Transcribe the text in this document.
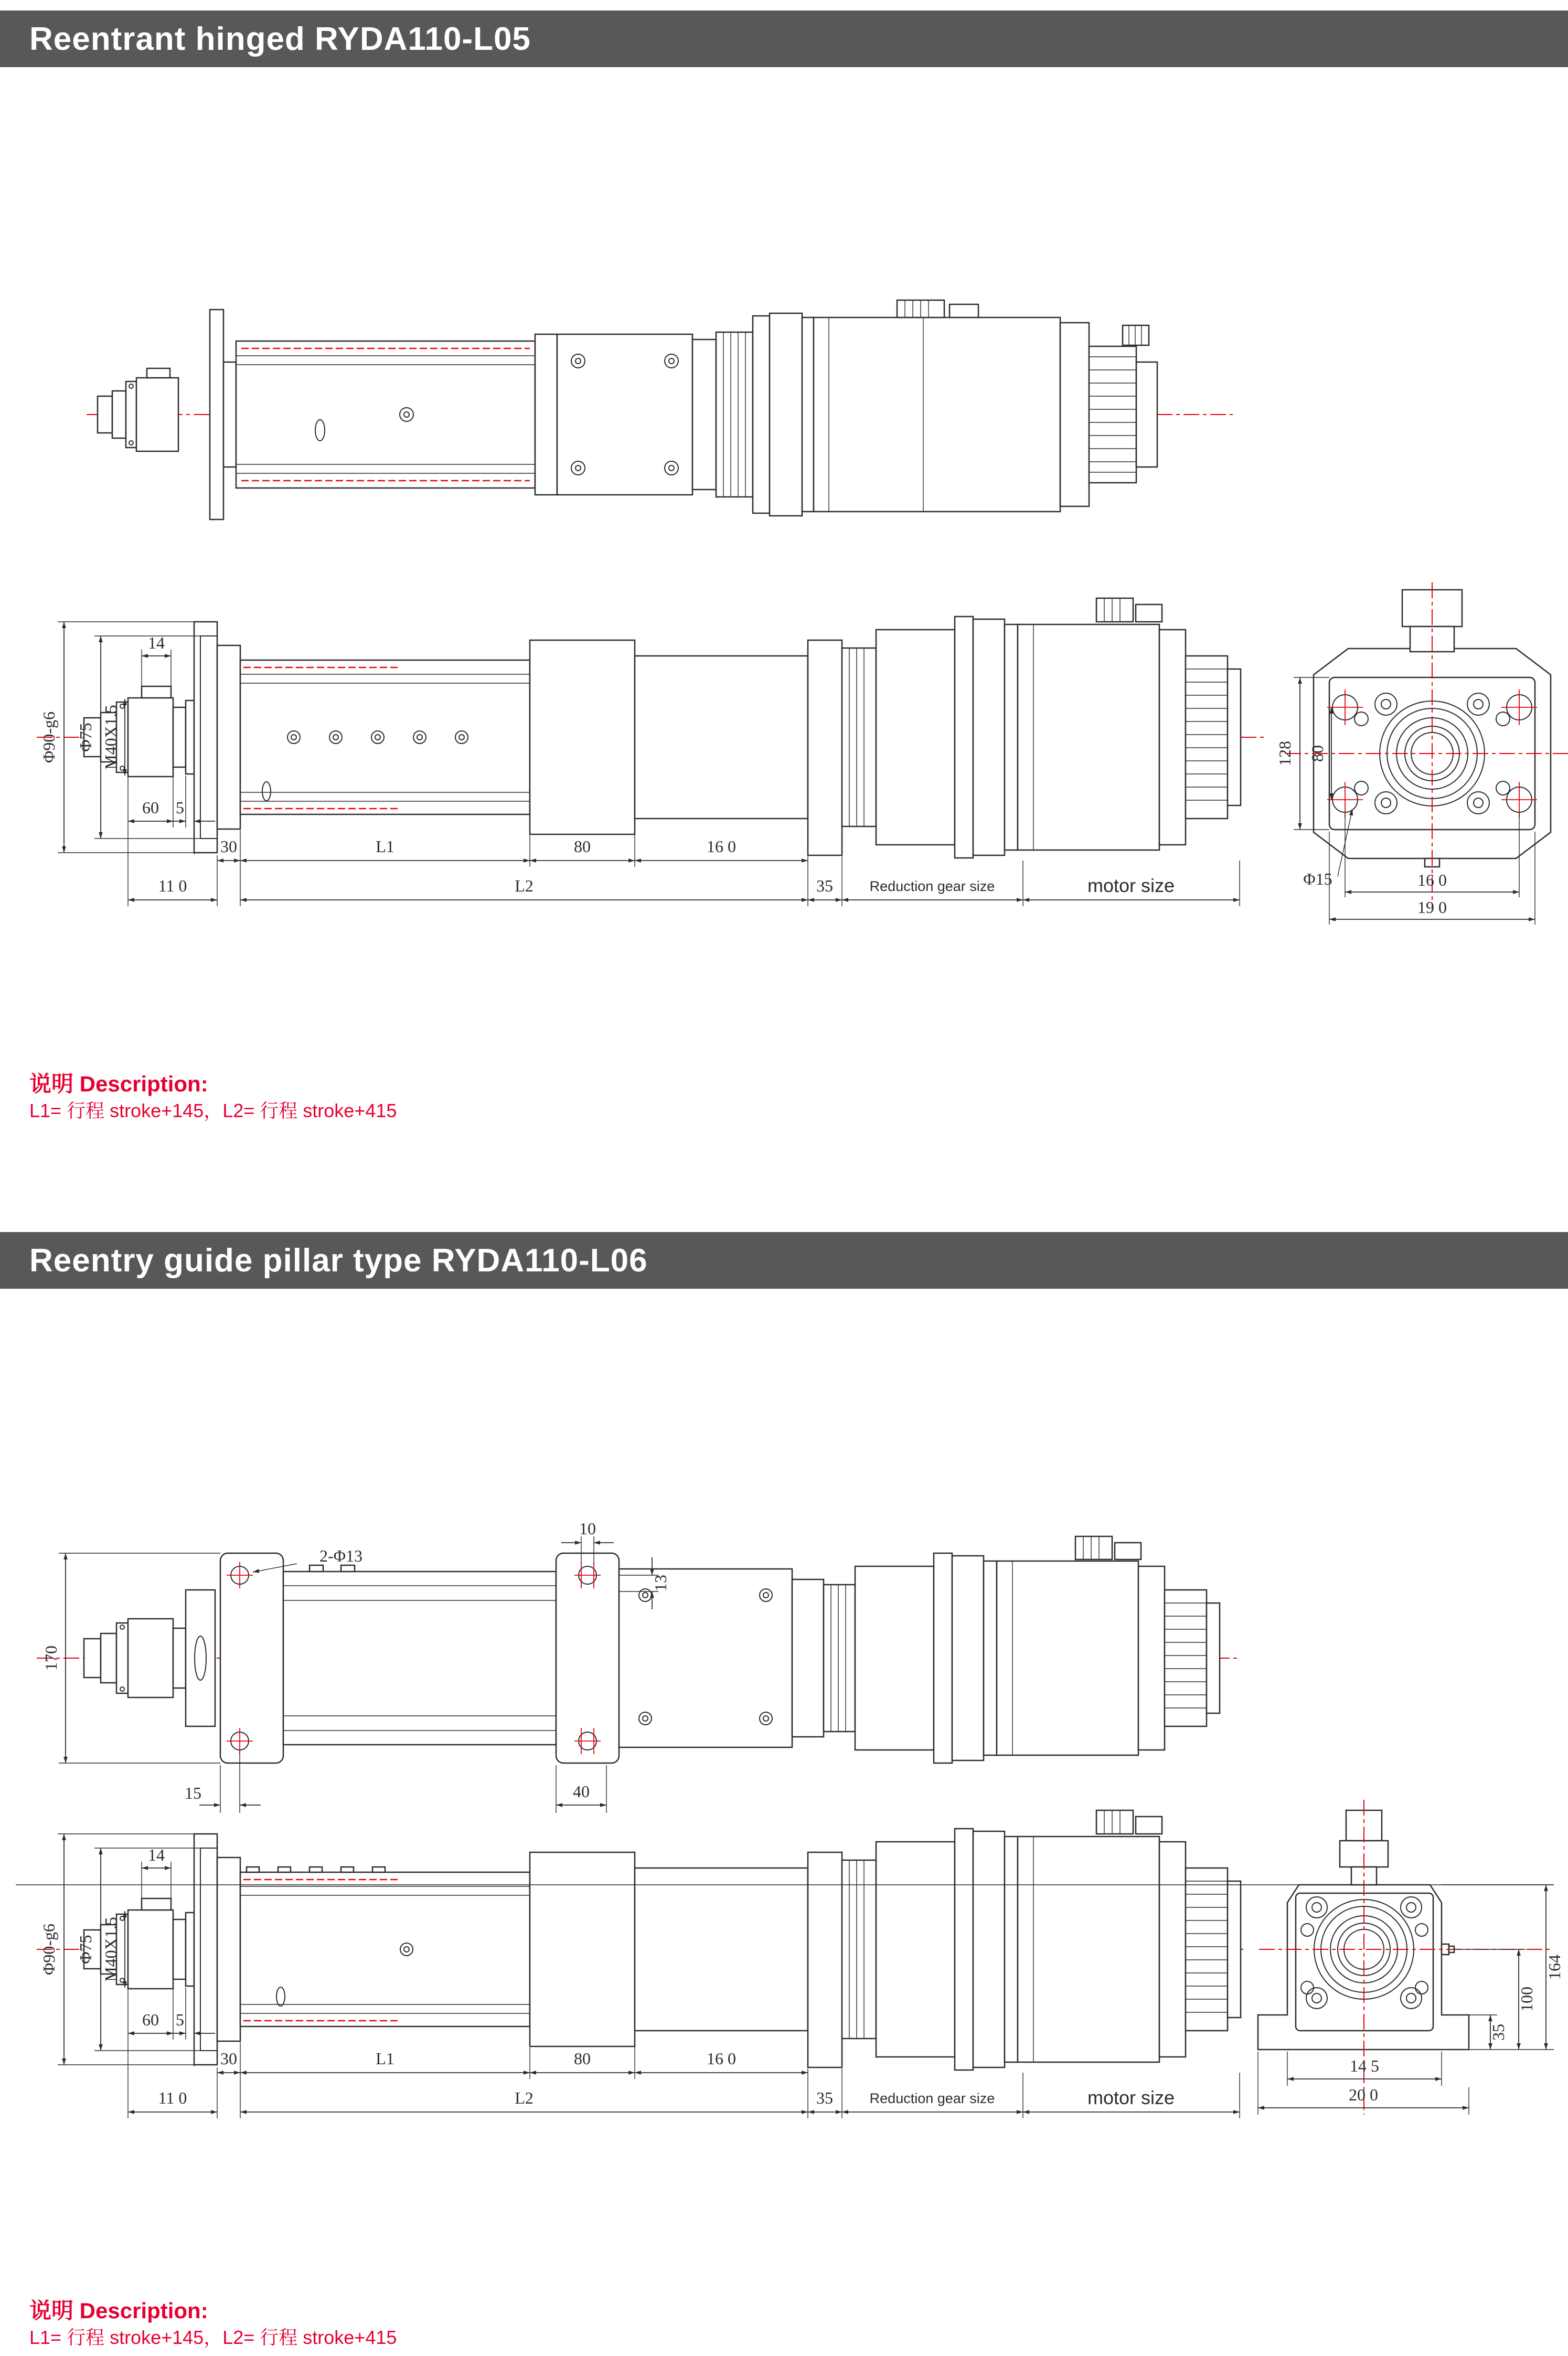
Reentrant hinged RYDA110-L05
14
Φ90-g6 Φ75 M40X1.5
60 5
30	L1	80	16 0
11 0	L2	35	Reduction gear size	motor size
128 80
Φ15	16 0
19 0
说明 Description:
L1= 行程 stroke+145，L2= 行程 stroke+415
Reentry guide pillar type RYDA110-L06
2-Φ13
10
13
170
15	40
14
Φ90-g6 Φ75 M40X1.5
60 5
30	L1	80	16 0
11 0	L2	35	Reduction gear size	motor size
164
100
35
14 5
20 0
说明 Description:
L1= 行程 stroke+145，L2= 行程 stroke+415
